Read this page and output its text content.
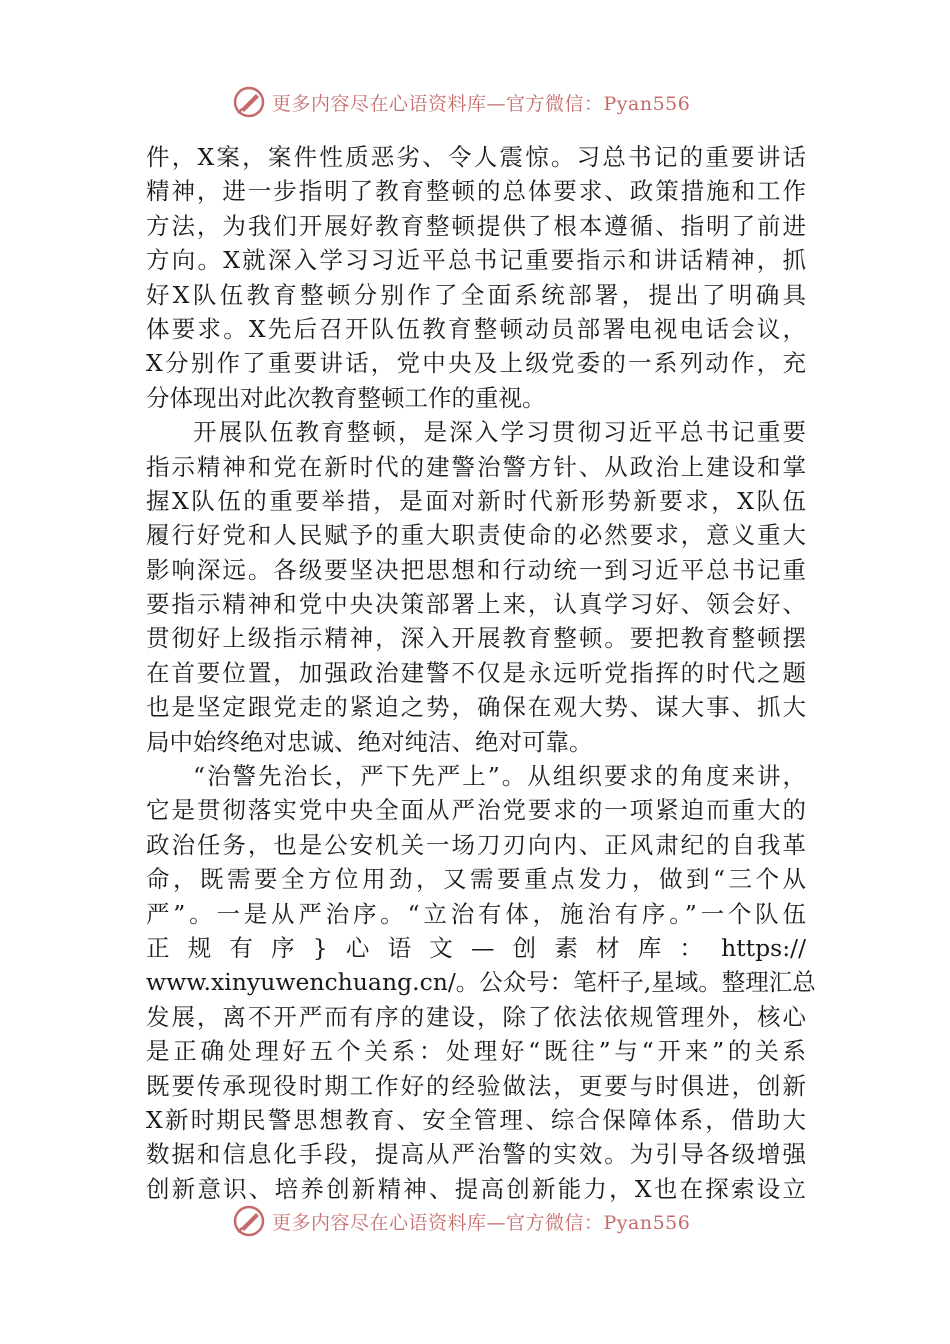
更多内容尽在心语资料库—官方微信：Pyan556
件，X案，案件性质恶劣、令人震惊。习总书记的重要讲话
精神，进一步指明了教育整顿的总体要求、政策措施和工作
方法，为我们开展好教育整顿提供了根本遵循、指明了前进
方向。X就深入学习习近平总书记重要指示和讲话精神，抓
好X队伍教育整顿分别作了全面系统部署，提出了明确具
体要求。X先后召开队伍教育整顿动员部署电视电话会议，
X分别作了重要讲话，党中央及上级党委的一系列动作，充
分体现出对此次教育整顿工作的重视。
开展队伍教育整顿，是深入学习贯彻习近平总书记重要
指示精神和党在新时代的建警治警方针、从政治上建设和掌
握X队伍的重要举措，是面对新时代新形势新要求，X队伍
履行好党和人民赋予的重大职责使命的必然要求，意义重大
影响深远。各级要坚决把思想和行动统一到习近平总书记重
要指示精神和党中央决策部署上来，认真学习好、领会好、
贯彻好上级指示精神，深入开展教育整顿。要把教育整顿摆
在首要位置，加强政治建警不仅是永远听党指挥的时代之题
也是坚定跟党走的紧迫之势，确保在观大势、谋大事、抓大
局中始终绝对忠诚、绝对纯洁、绝对可靠。
“治警先治长，严下先严上”。从组织要求的角度来讲，
它是贯彻落实党中央全面从严治党要求的一项紧迫而重大的
政治任务，也是公安机关一场刀刃向内、正风肃纪的自我革
命，既需要全方位用劲，又需要重点发力，做到“三个从
严”。一是从严治序。“立治有体，施治有序。”一个队伍
正规有序}心语文—创素材库：https://
www.xinyuwenchuang.cn/。公众号：笔杆子,星域。整理汇总
发展，离不开严而有序的建设，除了依法依规管理外，核心
是正确处理好五个关系：处理好“既往”与“开来”的关系
既要传承现役时期工作好的经验做法，更要与时俱进，创新
X新时期民警思想教育、安全管理、综合保障体系，借助大
数据和信息化手段，提高从严治警的实效。为引导各级增强
创新意识、培养创新精神、提高创新能力，X也在探索设立
更多内容尽在心语资料库—官方微信：Pyan556
